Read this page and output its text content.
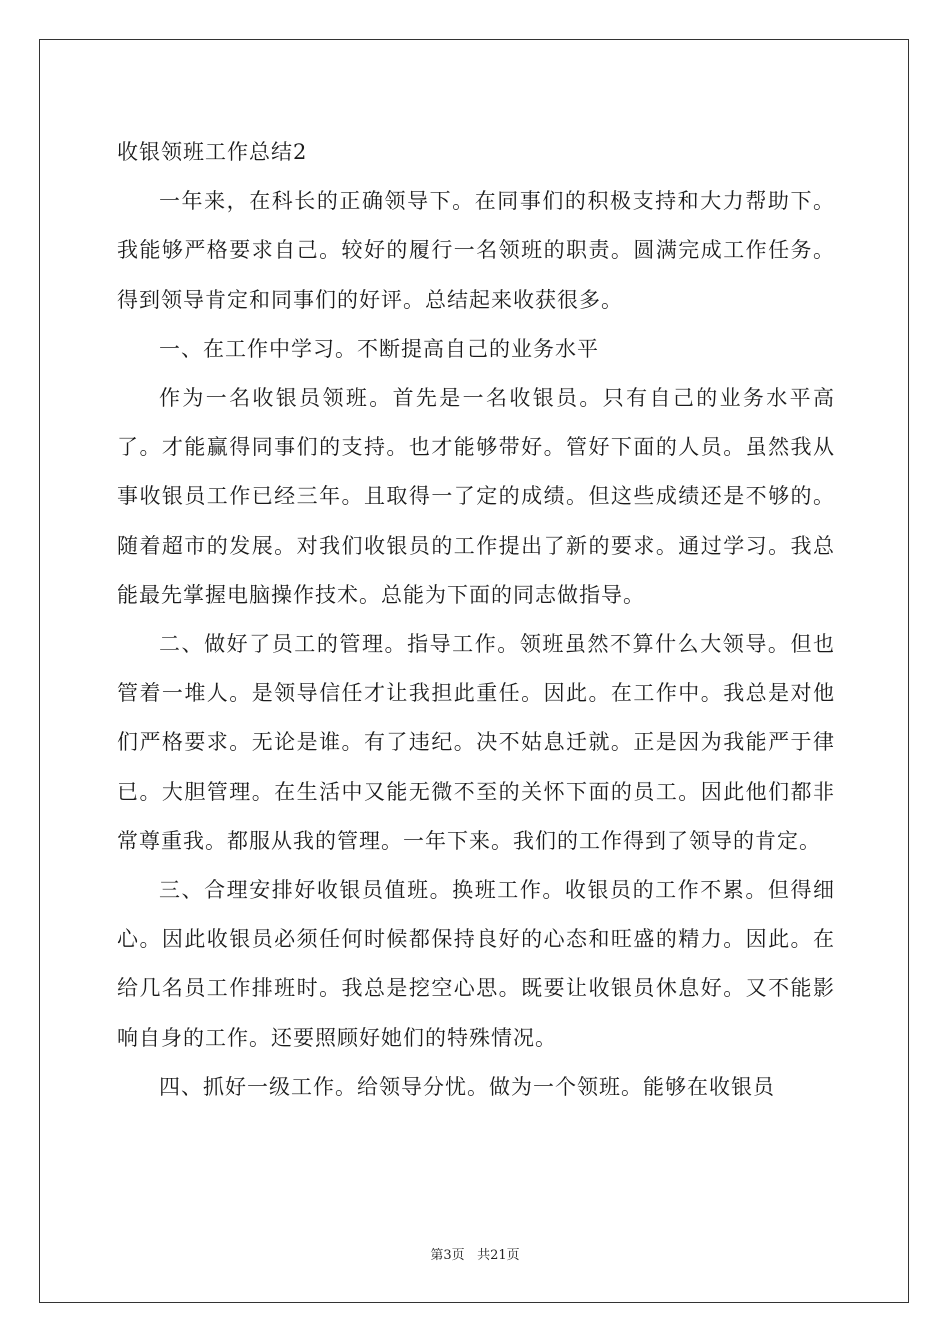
收银领班工作总结2

一年来，在科长的正确领导下。在同事们的积极支持和大力帮助下。我能够严格要求自己。较好的履行一名领班的职责。圆满完成工作任务。得到领导肯定和同事们的好评。总结起来收获很多。

一、在工作中学习。不断提高自己的业务水平

作为一名收银员领班。首先是一名收银员。只有自己的业务水平高了。才能赢得同事们的支持。也才能够带好。管好下面的人员。虽然我从事收银员工作已经三年。且取得一了定的成绩。但这些成绩还是不够的。随着超市的发展。对我们收银员的工作提出了新的要求。通过学习。我总能最先掌握电脑操作技术。总能为下面的同志做指导。

二、做好了员工的管理。指导工作。领班虽然不算什么大领导。但也管着一堆人。是领导信任才让我担此重任。因此。在工作中。我总是对他们严格要求。无论是谁。有了违纪。决不姑息迁就。正是因为我能严于律已。大胆管理。在生活中又能无微不至的关怀下面的员工。因此他们都非常尊重我。都服从我的管理。一年下来。我们的工作得到了领导的肯定。

三、合理安排好收银员值班。换班工作。收银员的工作不累。但得细心。因此收银员必须任何时候都保持良好的心态和旺盛的精力。因此。在给几名员工作排班时。我总是挖空心思。既要让收银员休息好。又不能影响自身的工作。还要照顾好她们的特殊情况。

四、抓好一级工作。给领导分忧。做为一个领班。能够在收银员

第3页 共21页
